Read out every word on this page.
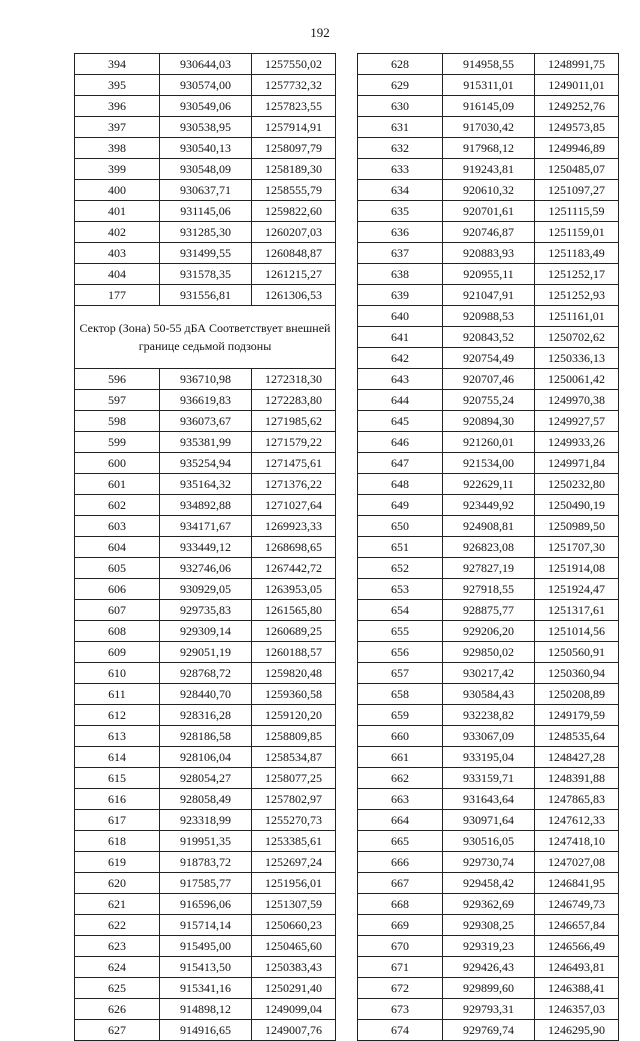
192
394	930644,03	1257550,02
395	930574,00	1257732,32
396	930549,06	1257823,55
397	930538,95	1257914,91
398	930540,13	1258097,79
399	930548,09	1258189,30
400	930637,71	1258555,79
401	931145,06	1259822,60
402	931285,30	1260207,03
403	931499,55	1260848,87
404	931578,35	1261215,27
177	931556,81	1261306,53
Сектор (Зона) 50-55 дБА Соответствует внешней границе седьмой подзоны		
596	936710,98	1272318,30
597	936619,83	1272283,80
598	936073,67	1271985,62
599	935381,99	1271579,22
600	935254,94	1271475,61
601	935164,32	1271376,22
602	934892,88	1271027,64
603	934171,67	1269923,33
604	933449,12	1268698,65
605	932746,06	1267442,72
606	930929,05	1263953,05
607	929735,83	1261565,80
608	929309,14	1260689,25
609	929051,19	1260188,57
610	928768,72	1259820,48
611	928440,70	1259360,58
612	928316,28	1259120,20
613	928186,58	1258809,85
614	928106,04	1258534,87
615	928054,27	1258077,25
616	928058,49	1257802,97
617	923318,99	1255270,73
618	919951,35	1253385,61
619	918783,72	1252697,24
620	917585,77	1251956,01
621	916596,06	1251307,59
622	915714,14	1250660,23
623	915495,00	1250465,60
624	915413,50	1250383,43
625	915341,16	1250291,40
626	914898,12	1249099,04
627	914916,65	1249007,76
628	914958,55	1248991,75
629	915311,01	1249011,01
630	916145,09	1249252,76
631	917030,42	1249573,85
632	917968,12	1249946,89
633	919243,81	1250485,07
634	920610,32	1251097,27
635	920701,61	1251115,59
636	920746,87	1251159,01
637	920883,93	1251183,49
638	920955,11	1251252,17
639	921047,91	1251252,93
640	920988,53	1251161,01
641	920843,52	1250702,62
642	920754,49	1250336,13
643	920707,46	1250061,42
644	920755,24	1249970,38
645	920894,30	1249927,57
646	921260,01	1249933,26
647	921534,00	1249971,84
648	922629,11	1250232,80
649	923449,92	1250490,19
650	924908,81	1250989,50
651	926823,08	1251707,30
652	927827,19	1251914,08
653	927918,55	1251924,47
654	928875,77	1251317,61
655	929206,20	1251014,56
656	929850,02	1250560,91
657	930217,42	1250360,94
658	930584,43	1250208,89
659	932238,82	1249179,59
660	933067,09	1248535,64
661	933195,04	1248427,28
662	933159,71	1248391,88
663	931643,64	1247865,83
664	930971,64	1247612,33
665	930516,05	1247418,10
666	929730,74	1247027,08
667	929458,42	1246841,95
668	929362,69	1246749,73
669	929308,25	1246657,84
670	929319,23	1246566,49
671	929426,43	1246493,81
672	929899,60	1246388,41
673	929793,31	1246357,03
674	929769,74	1246295,90
